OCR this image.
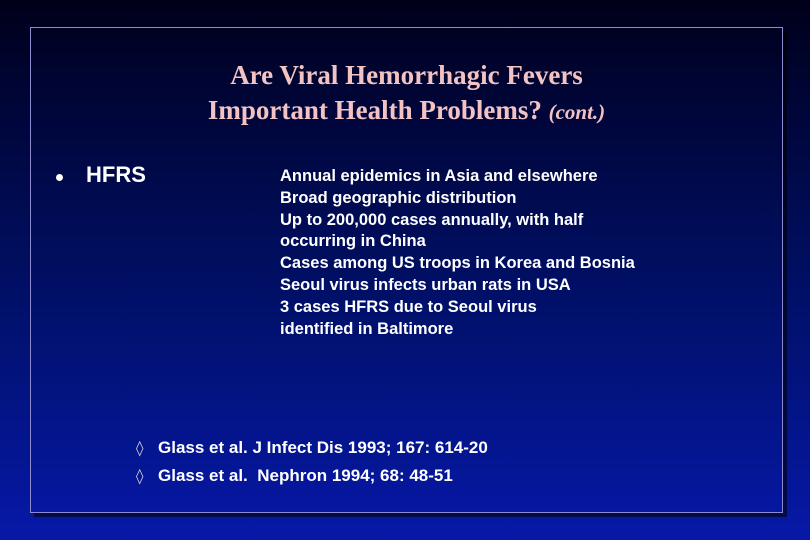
Are Viral Hemorrhagic Fevers
Important Health Problems? (cont.)
HFRS	Annual epidemics in Asia and elsewhere
Broad geographic distribution
Up to 200,000 cases annually, with half
occurring in China
Cases among US troops in Korea and Bosnia
Seoul virus infects urban rats in USA
3 cases HFRS due to Seoul virus
identified in Baltimore
◊ Glass et al. J Infect Dis 1993; 167: 614-20
◊ Glass et al.  Nephron 1994; 68: 48-51
